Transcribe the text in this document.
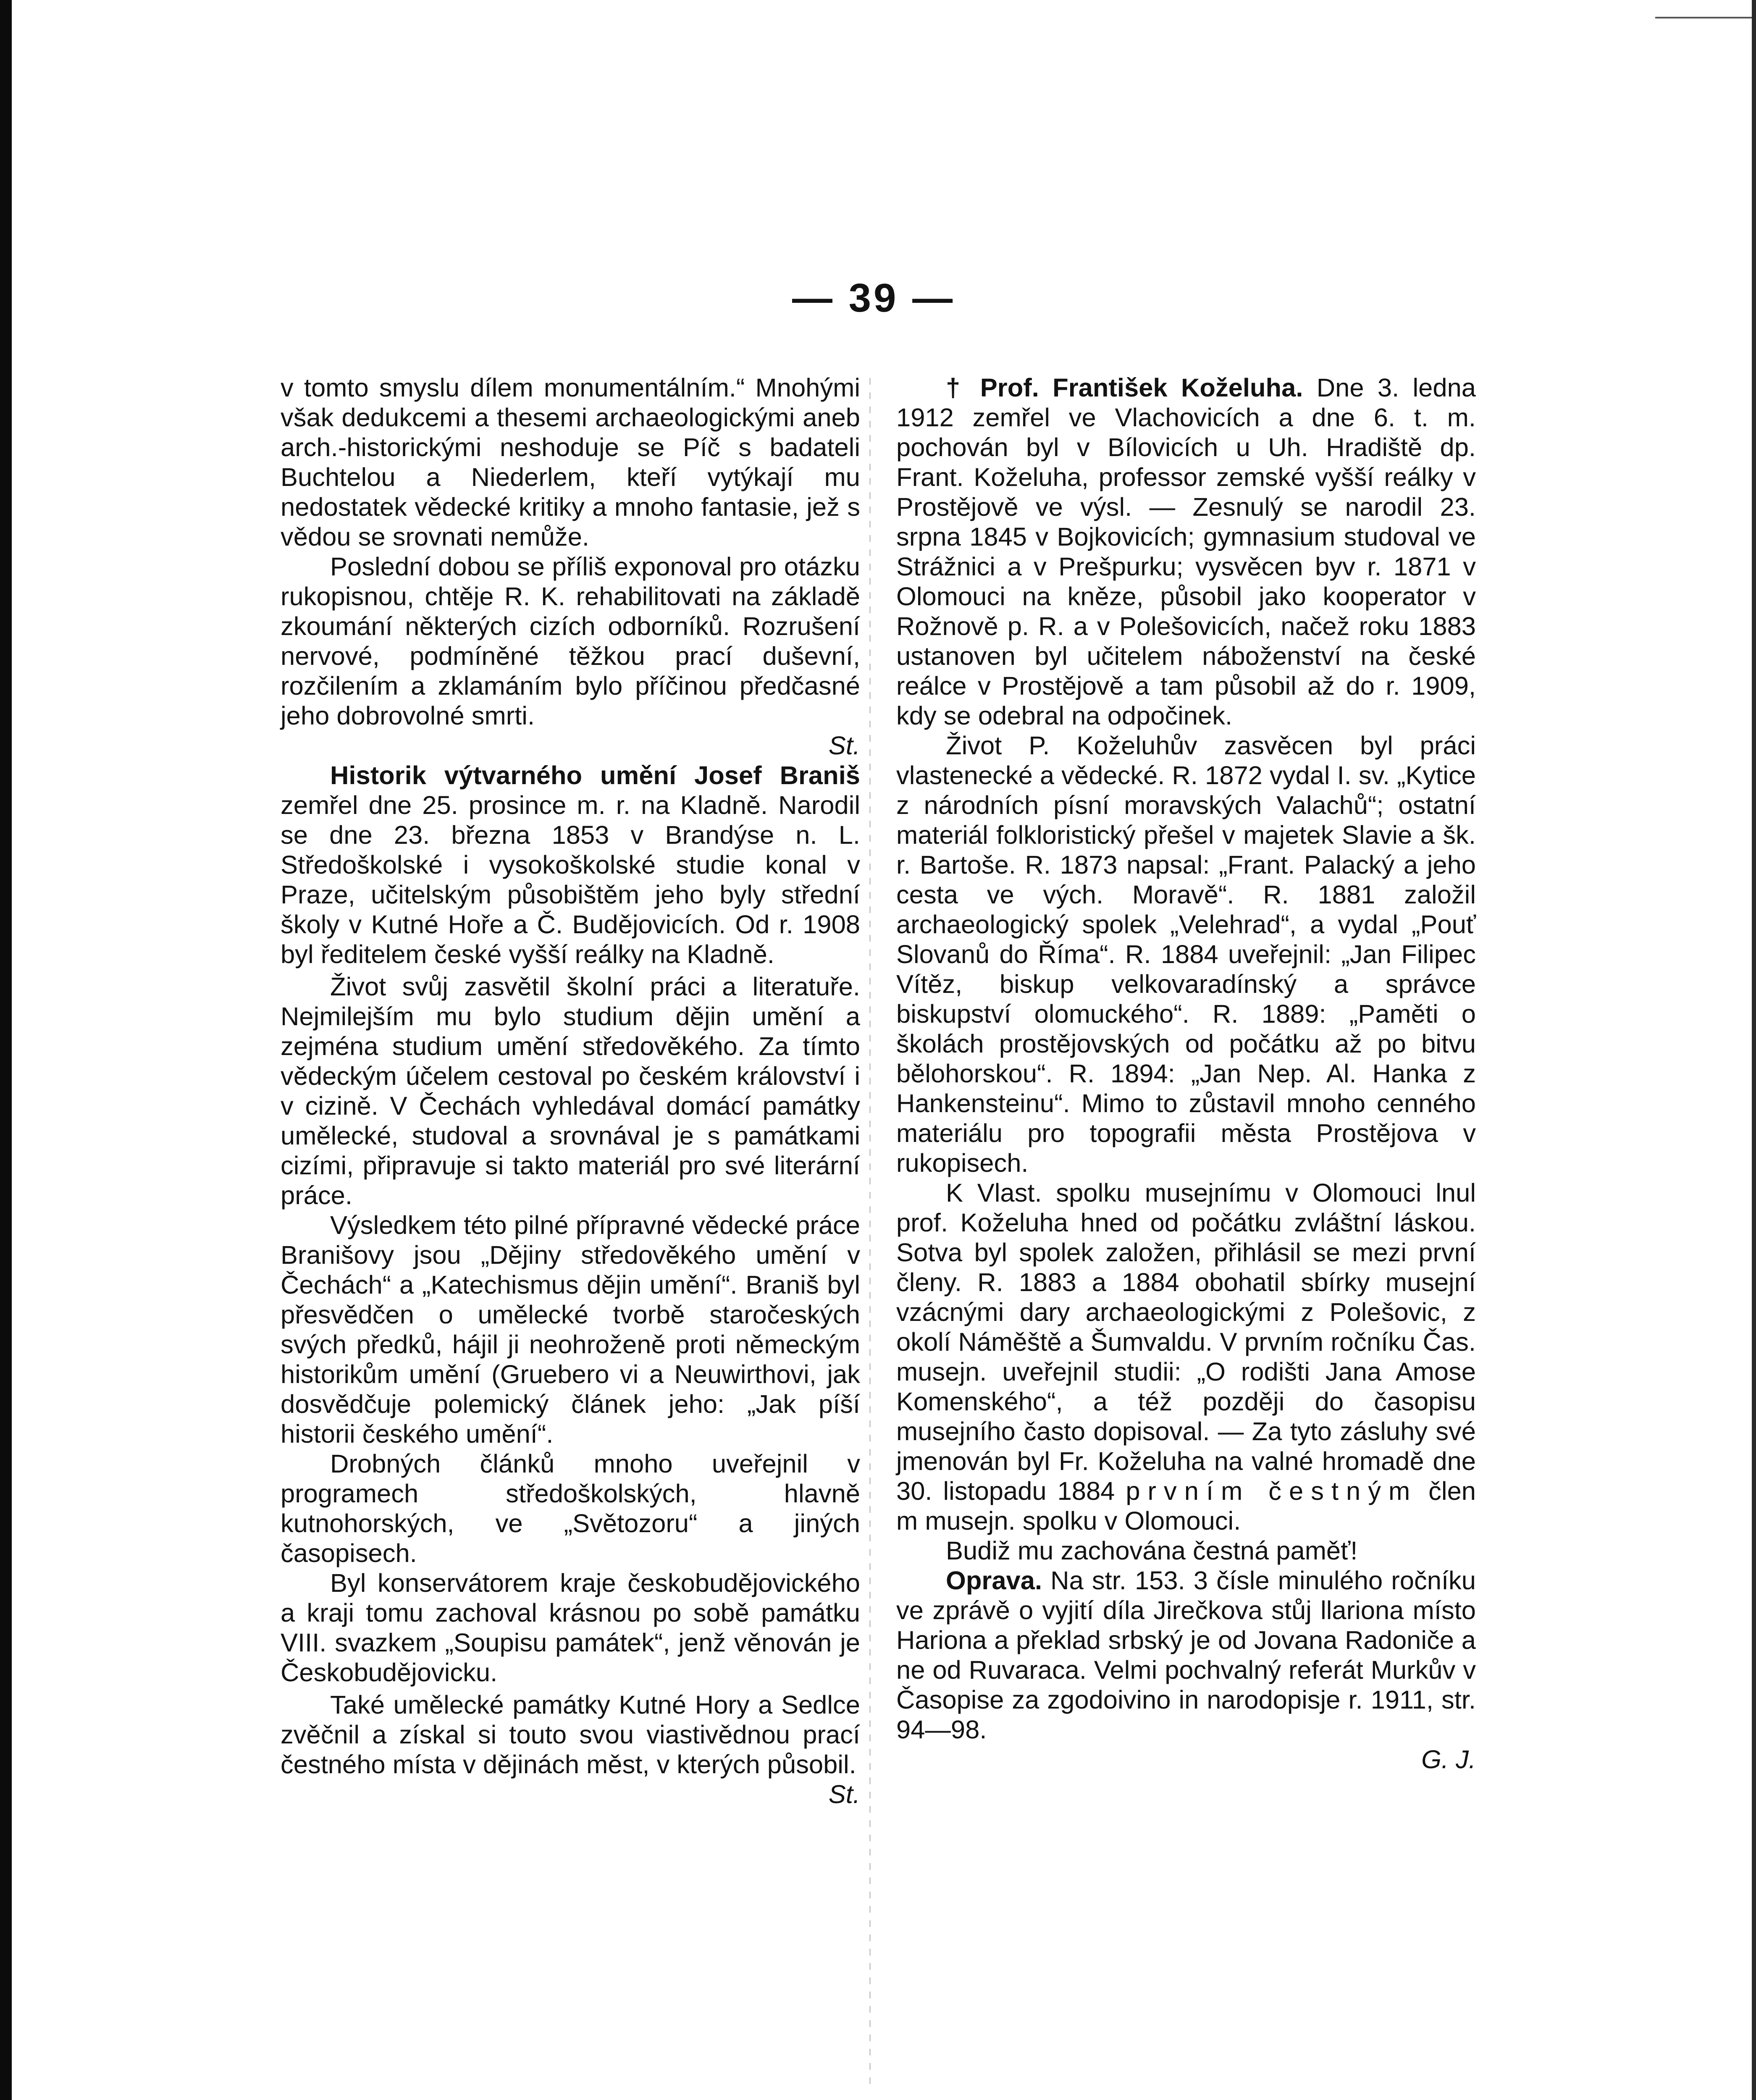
— 39 —

v tomto smyslu dílem monumentálním.“ Mnohými však dedukcemi a thesemi archaeologickými aneb arch.-historickými neshoduje se Píč s badateli Buchtelou a Niederlem, kteří vytýkají mu nedostatek vědecké kritiky a mnoho fantasie, jež s vědou se srovnati nemůže.

Poslední dobou se příliš exponoval pro otázku rukopisnou, chtěje R. K. rehabilitovati na základě zkoumání některých cizích odborníků. Rozrušení nervové, podmíněné těžkou prací duševní, rozčilením a zklamáním bylo příčinou předčasné jeho dobrovolné smrti.

St.

Historik výtvarného umění Josef Braniš zemřel dne 25. prosince m. r. na Kladně. Narodil se dne 23. března 1853 v Brandýse n. L. Středoškolské i vysokoškolské studie konal v Praze, učitelským působištěm jeho byly střední školy v Kutné Hoře a Č. Budějovicích. Od r. 1908 byl ředitelem české vyšší reálky na Kladně.

Život svůj zasvětil školní práci a literatuře. Nejmilejším mu bylo studium dějin umění a zejména studium umění středověkého. Za tímto vědeckým účelem cestoval po českém království i v cizině. V Čechách vyhledával domácí památky umělecké, studoval a srovnával je s památkami cizími, připravuje si takto materiál pro své literární práce.

Výsledkem této pilné přípravné vědecké práce Branišovy jsou „Dějiny středověkého umění v Čechách“ a „Katechismus dějin umění“. Braniš byl přesvědčen o umělecké tvorbě staročeských svých předků, hájil ji neohroženě proti německým historikům umění (Gruebero vi a Neuwirthovi, jak dosvědčuje polemický článek jeho: „Jak píší historii českého umění“.

Drobných článků mnoho uveřejnil v programech středoškolských, hlavně kutnohorských, ve „Světozoru“ a jiných časopisech.

Byl konservátorem kraje českobudějovického a kraji tomu zachoval krásnou po sobě památku VIII. svazkem „Soupisu památek“, jenž věnován je Českobudějovicku.

Také umělecké památky Kutné Hory a Sedlce zvěčnil a získal si touto svou viastivědnou prací čestného místa v dějinách měst, v kterých působil.
St.

† Prof. František Koželuha. Dne 3. ledna 1912 zemřel ve Vlachovicích a dne 6. t. m. pochován byl v Bílovicích u Uh. Hradiště dp. Frant. Koželuha, professor zemské vyšší reálky v Prostějově ve výsl. — Zesnulý se narodil 23. srpna 1845 v Bojkovicích; gymnasium studoval ve Strážnici a v Prešpurku; vysvěcen byv r. 1871 v Olomouci na kněze, působil jako kooperator v Rožnově p. R. a v Polešovicích, načež roku 1883 ustanoven byl učitelem náboženství na české reálce v Prostějově a tam působil až do r. 1909, kdy se odebral na odpočinek.

Život P. Koželuhův zasvěcen byl práci vlastenecké a vědecké. R. 1872 vydal I. sv. „Kytice z národních písní moravských Valachů“; ostatní materiál folkloristický přešel v majetek Slavie a šk. r. Bartoše. R. 1873 napsal: „Frant. Palacký a jeho cesta ve vých. Moravě“. R. 1881 založil archaeologický spolek „Velehrad“, a vydal „Pouť Slovanů do Říma“. R. 1884 uveřejnil: „Jan Filipec Vítěz, biskup velkovaradínský a správce biskupství olomuckého“. R. 1889: „Paměti o školách prostějovských od počátku až po bitvu bělohorskou“. R. 1894: „Jan Nep. Al. Hanka z Hankensteinu“. Mimo to zůstavil mnoho cenného materiálu pro topografii města Prostějova v rukopisech.

K Vlast. spolku musejnímu v Olomouci lnul prof. Koželuha hned od počátku zvláštní láskou. Sotva byl spolek založen, přihlásil se mezi první členy. R. 1883 a 1884 obohatil sbírky musejní vzácnými dary archaeologickými z Polešovic, z okolí Náměště a Šumvaldu. V prvním ročníku Čas. musejn. uveřejnil studii: „O rodišti Jana Amose Komenského“, a též později do časopisu musejního často dopisoval. — Za tyto zásluhy své jmenován byl Fr. Koželuha na valné hromadě dne 30. listopadu 1884 prvním čestným člen m musejn. spolku v Olomouci.

Budiž mu zachována čestná paměť!

Oprava. Na str. 153. 3 čísle minulého ročníku ve zprávě o vyjití díla Jirečkova stůj llariona místo Hariona a překlad srbský je od Jovana Radoniče a ne od Ruvaraca. Velmi pochvalný referát Murkův v Časopise za zgodoivino in narodopisje r. 1911, str. 94—98.

G. J.
